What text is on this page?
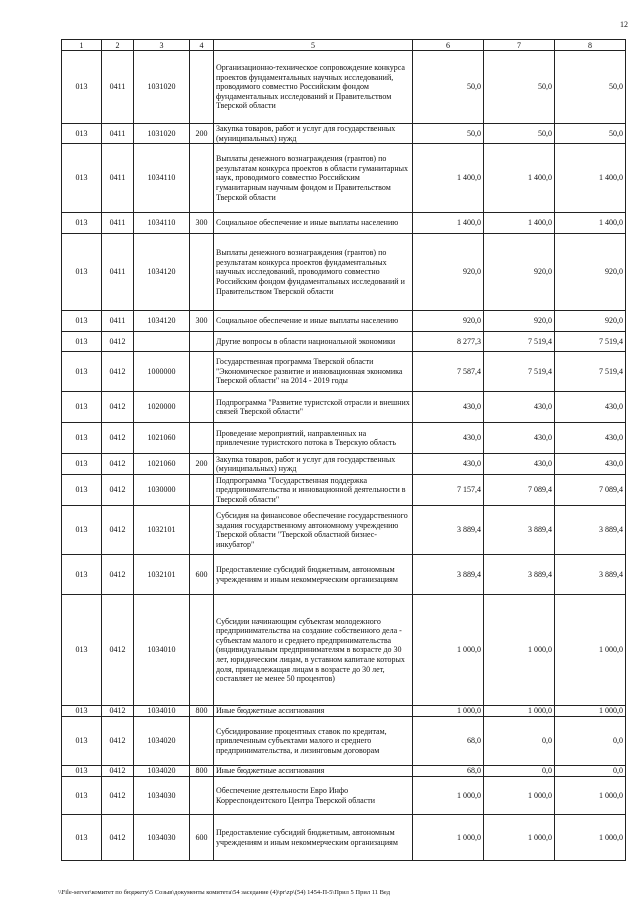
12
1	2	3	4	5	6	7	8
013	0411	1031020		Организационно-техническое сопровождение конкурса проектов фундаментальных научных исследований, проводимого совместно Российским фондом фундаментальных исследований и Правительством Тверской области	50,0	50,0	50,0
013	0411	1031020	200	Закупка товаров, работ и услуг для государственных (муниципальных) нужд	50,0	50,0	50,0
013	0411	1034110		Выплаты денежного вознаграждения (грантов) по результатам конкурса проектов в области гуманитарных наук, проводимого совместно Российским гуманитарным научным фондом и Правительством Тверской области	1 400,0	1 400,0	1 400,0
013	0411	1034110	300	Социальное обеспечение и иные выплаты населению	1 400,0	1 400,0	1 400,0
013	0411	1034120		Выплаты денежного вознаграждения (грантов) по результатам конкурса проектов фундаментальных научных исследований, проводимого совместно Российским фондом фундаментальных исследований и Правительством Тверской области	920,0	920,0	920,0
013	0411	1034120	300	Социальное обеспечение и иные выплаты населению	920,0	920,0	920,0
013	0412			Другие вопросы в области национальной экономики	8 277,3	7 519,4	7 519,4
013	0412	1000000		Государственная программа Тверской области "Экономическое развитие и инновационная экономика Тверской области" на 2014 - 2019 годы	7 587,4	7 519,4	7 519,4
013	0412	1020000		Подпрограмма "Развитие туристской отрасли и внешних связей Тверской области"	430,0	430,0	430,0
013	0412	1021060		Проведение мероприятий, направленных на привлечение туристского потока в Тверскую область	430,0	430,0	430,0
013	0412	1021060	200	Закупка товаров, работ и услуг для государственных (муниципальных) нужд	430,0	430,0	430,0
013	0412	1030000		Подпрограмма "Государственная поддержка предпринимательства и инновационной деятельности в Тверской области"	7 157,4	7 089,4	7 089,4
013	0412	1032101		Субсидия на финансовое обеспечение государственного задания государственному автономному учреждению Тверской области "Тверской областной бизнес-инкубатор"	3 889,4	3 889,4	3 889,4
013	0412	1032101	600	Предоставление субсидий бюджетным, автономным учреждениям и иным некоммерческим организациям	3 889,4	3 889,4	3 889,4
013	0412	1034010		Субсидии начинающим субъектам молодежного предпринимательства на создание собственного дела - субъектам малого и среднего предпринимательства (индивидуальным предпринимателям в возрасте до 30 лет, юридическим лицам, в уставном капитале которых доля, принадлежащая лицам в возрасте до 30 лет, составляет не менее 50 процентов)	1 000,0	1 000,0	1 000,0
013	0412	1034010	800	Иные бюджетные ассигнования	1 000,0	1 000,0	1 000,0
013	0412	1034020		Субсидирование процентных ставок по кредитам, привлеченным субъектами малого и среднего предпринимательства, и лизинговым договорам	68,0	0,0	0,0
013	0412	1034020	800	Иные бюджетные ассигнования	68,0	0,0	0,0
013	0412	1034030		Обеспечение деятельности Евро Инфо Корреспондентского Центра Тверской области	1 000,0	1 000,0	1 000,0
013	0412	1034030	600	Предоставление субсидий бюджетным, автономным учреждениям и иным некоммерческим организациям	1 000,0	1 000,0	1 000,0
\\File-server\комитет по бюджету\5 Созыв\документы комитета\54 заседание (4)\pr\zp\(54) 1454-П-5\Прил 5 Прил 11 Вед
